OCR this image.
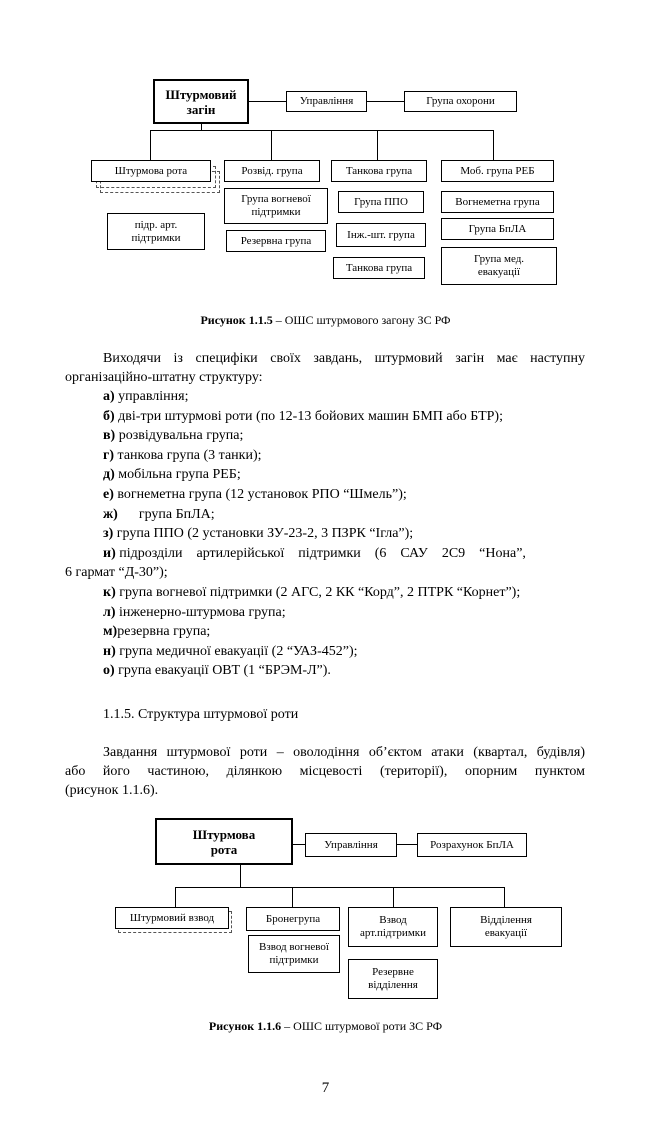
Штурмовий загін
Управління	Група охорони
Штурмова рота
підр. арт. підтримки
Розвід. група
Група вогневої підтримки
Резервна група
Танкова група
Група ППО
Інж.-шт. група
Танкова група
Моб. група РЕБ
Вогнеметна група
Група БпЛА
Група мед. евакуації
Рисунок 1.1.5 – ОШС штурмового загону ЗС РФ
Виходячи із специфіки своїх завдань, штурмовий загін має наступну
організаційно-штатну структуру:
а) управління;
б) дві-три штурмові роти (по 12-13 бойових машин БМП або БТР);
в) розвідувальна група;
г) танкова група (3 танки);
д) мобільна група РЕБ;
е) вогнеметна група (12 установок РПО “Шмель”);
ж)      група БпЛА;
з) група ППО (2 установки ЗУ-23-2, 3 ПЗРК “Ігла”);
и) підрозділи    артилерійської    підтримки    (6    САУ    2С9    “Нона”,
6 гармат “Д-30”);
к) група вогневої підтримки (2 АГС, 2 КК “Корд”, 2 ПТРК “Корнет”);
л) інженерно-штурмова група;
м)резервна група;
н) група медичної евакуації (2 “УАЗ-452”);
о) група евакуації ОВТ (1 “БРЭМ-Л”).
1.1.5. Структура штурмової роти
Завдання штурмової роти – оволодіння об’єктом атаки (квартал, будівля)
або його частиною, ділянкою місцевості (території), опорним пунктом
(рисунок 1.1.6).
Штурмова рота	Управління	Розрахунок БпЛА
Штурмовий взвод	Бронегрупа
Взвод вогневої підтримки
Взвод арт.підтримки
Резервне відділення
Відділення евакуації
Рисунок 1.1.6 – ОШС штурмової роти ЗС РФ
7
